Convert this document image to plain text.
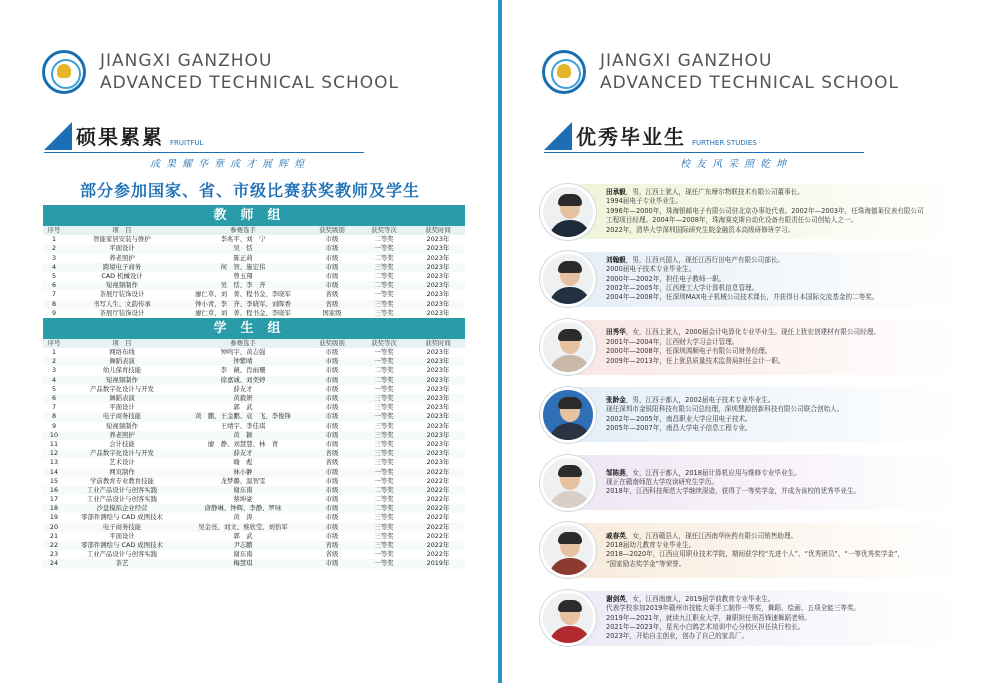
JIANGXI GANZHOU
ADVANCED TECHNICAL SCHOOL
硕果累累 FRUITFUL
成果耀华章成才展辉煌
部分参加国家、省、市级比赛获奖教师及学生
教师组
序号	项　目	参赛选手	获奖级别	获奖等次	获奖时间
1	智能家居安装与维护	李兆平、刘　宁	市级	二等奖	2023年
2	平面设计	吴　恬	市级	一等奖	2023年
3	养老照护	陈正莉	市级	二等奖	2023年
4	跨境电子商务	何　智、施宏伟	市级	三等奖	2023年
5	CAD 机械设计	曾玉翔	市级	二等奖	2023年
6	短视频制作	吴　恬、李　齐	市级	二等奖	2023年
7	茶展厅装饰设计	廖仁草、刘　菁、程书金、李晓军	省级	一等奖	2023年
8	书写人生、文韵传承	钟小青、李　齐、李晓军、刘晖香	省级	三等奖	2023年
9	茶展厅装饰设计	廖仁草、刘　菁、程书金、李晓军	国家级	三等奖	2023年
学生组
序号	项　目	参赛选手	获奖级别	获奖等次	获奖时间
1	网络布线	钟鸣宇、黄志强	市级	一等奖	2023年
2	舞蹈表演	钟紫晴	市级	一等奖	2023年
3	幼儿保育技能	李　薇、肖雨珊	市级	二等奖	2023年
4	短视频制作	徐嘉诚、刘奕婷	市级	二等奖	2023年
5	产品数字化设计与开发	薛友才	市级	一等奖	2023年
6	舞蹈表演	黄毅妍	市级	三等奖	2023年
7	平面设计	郭　武	市级	三等奖	2023年
8	电子商务技能	黄　鹏、王金鹏、袁　飞、李俊锋	市级	一等奖	2023年
9	短视频制作	王靖宇、李佳琪	市级	三等奖	2023年
10	养老照护	黄　颖	市级	三等奖	2023年
11	会计技能	廖　静、刘慧慧、林　青	市级	三等奖	2023年
12	产品数字化设计与开发	薛友才	省级	三等奖	2023年
13	艺术设计	喻　彪	省级	三等奖	2023年
14	网页制作	林小翀	市级	一等奖	2022年
15	学前教育专业教育技能	龙梦璐、温智雯	市级	一等奖	2022年
16	工业产品设计与创客实践	谢东南	市级	二等奖	2022年
17	工业产品设计与创客实践	蔡坤豪	市级	二等奖	2022年
18	沙盘模拟企业经营	唐静琳、钟辉、李静、罗咏	市级	二等奖	2022年
19	零部件测绘与 CAD 成图技术	黄　涛	市级	三等奖	2022年
20	电子商务技能	吴金亮、刘文、蔡欣莹、刘怡军	市级	三等奖	2022年
21	平面设计	郭　武	市级	三等奖	2022年
22	零部件测绘与 CAD 成图技术	尹志鹏	省级	三等奖	2022年
23	工业产品设计与创客实践	谢东南	省级	一等奖	2022年
24	茶艺	梅慧琪	市级	一等奖	2019年
JIANGXI GANZHOU
ADVANCED TECHNICAL SCHOOL
优秀毕业生 FURTHER STUDIES
校友风采照乾坤
田承毅，男，江西上犹人，现任广东摩尔物联技术有限公司董事长。
1994届电子专业毕业生。
1996年—2000年，珠海银邮电子有限公司驻北京办事处代表。2002年—2003年，任珠海德莱仪表有限公司
工程项目经理。2004年—2008年，珠海赛克斯自动化设备有限责任公司创始人之一。
2022年，清华大学深圳国际研究生院金融资本高级研修班学习。
刘翰毅，男，江西兴国人，现任江西行田电产有限公司部长。
2000届电子技术专业毕业生。
2000年—2002年，担任电子教师一职。
2002年—2005年，江西理工大学计算机信息管理。
2004年—2008年，任深圳MAX电子机械公司技术课长，并获得日本国际交流基金的二等奖。
田秀华，女，江西上犹人，2000届会计电算化专业毕业生。现任上犹宏创建材有限公司经理。
2001年—2004年，江西财大学习会计管理。
2000年—2008年，任深圳鸿顺电子有限公司财务经理。
2009年—2013年，任上犹县质量技术监督局担任会计一职。
张龄金，男，江西于都人，2002届电子技术专业毕业生。
现任深圳市金锐阳科技有限公司总经理，深圳慧源创新科技有限公司联合创始人。
2002年—2005年，南昌职业大学应用电子技术。
2005年—2007年，南昌大学电子信息工程专业。
邹陈燕，女，江西于都人，2018届计算机应用与维修专业毕业生。
现正在赣南师范大学攻读研究生学历。
2018年，江西科技师范大学继续深造，获得了一等奖学金，并成为该校的优秀毕业生。
戚春英，女，江西赣县人，现任江西南华医药有限公司销售助理。
2018届幼儿教育专业毕业生。
2018—2020年，江西应用职业技术学院，期间获学校“先进个人”、“优秀团员”、“一等优秀奖学金”，
“国家励志奖学金”等荣誉。
谢剑英，女，江西南康人，2019届学前教育专业毕业生。
代表学校参加2019年赣州市技能大赛手工制作一等奖，舞蹈、绘画、五项全能三等奖。
2019年—2021年，就读九江职业大学，兼职担任领吾锋速舞蹈老师。
2021年—2023年，星光小白鸽艺术培训中心分校区担任执行校长。
2023年，开始自主创业，创办了自己的家具厂。
